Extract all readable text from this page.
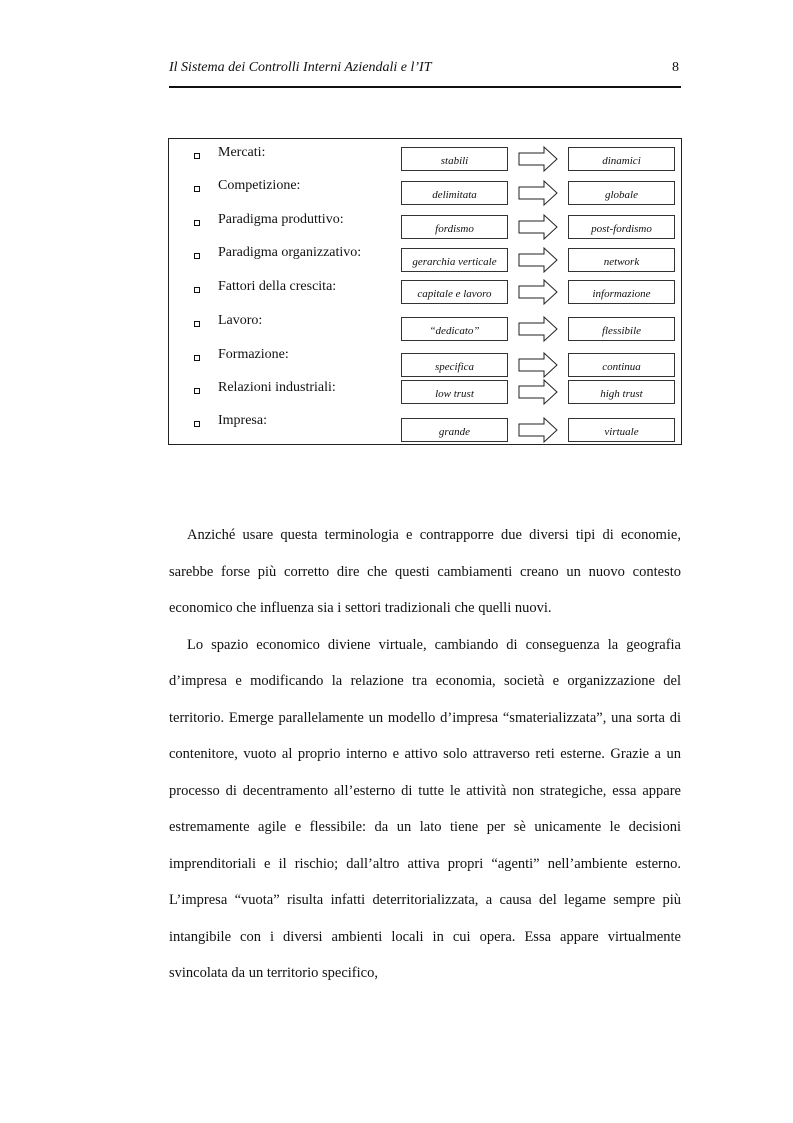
Il Sistema dei Controlli Interni Aziendali e l’IT	8
Mercati:
stabili	dinamici
Competizione:
delimitata	globale
Paradigma produttivo:
fordismo	post-fordismo
Paradigma organizzativo:
gerarchia verticale	network
Fattori della crescita:	capitale e lavoro	informazione
Lavoro:
“dedicato”	flessibile
Formazione:
specifica	continua
Relazioni industriali:	low trust	high trust
Impresa:
grande	virtuale

Anziché usare questa terminologia e contrapporre due diversi tipi di economie, sarebbe forse più corretto dire che questi cambiamenti creano un nuovo contesto economico che influenza sia i settori tradizionali che quelli nuovi.

Lo spazio economico diviene virtuale, cambiando di conseguenza la geografia d’impresa e modificando la relazione tra economia, società e organizzazione del territorio. Emerge parallelamente un modello d’impresa “smaterializzata”, una sorta di contenitore, vuoto al proprio interno e attivo solo attraverso reti esterne. Grazie a un processo di decentramento all’esterno di tutte le attività non strategiche, essa appare estremamente agile e flessibile: da un lato tiene per sè unicamente le decisioni imprenditoriali e il rischio; dall’altro attiva propri “agenti” nell’ambiente esterno. L’impresa “vuota” risulta infatti deterritorializzata, a causa del legame sempre più intangibile con i diversi ambienti locali in cui opera. Essa appare virtualmente svincolata da un territorio specifico,
